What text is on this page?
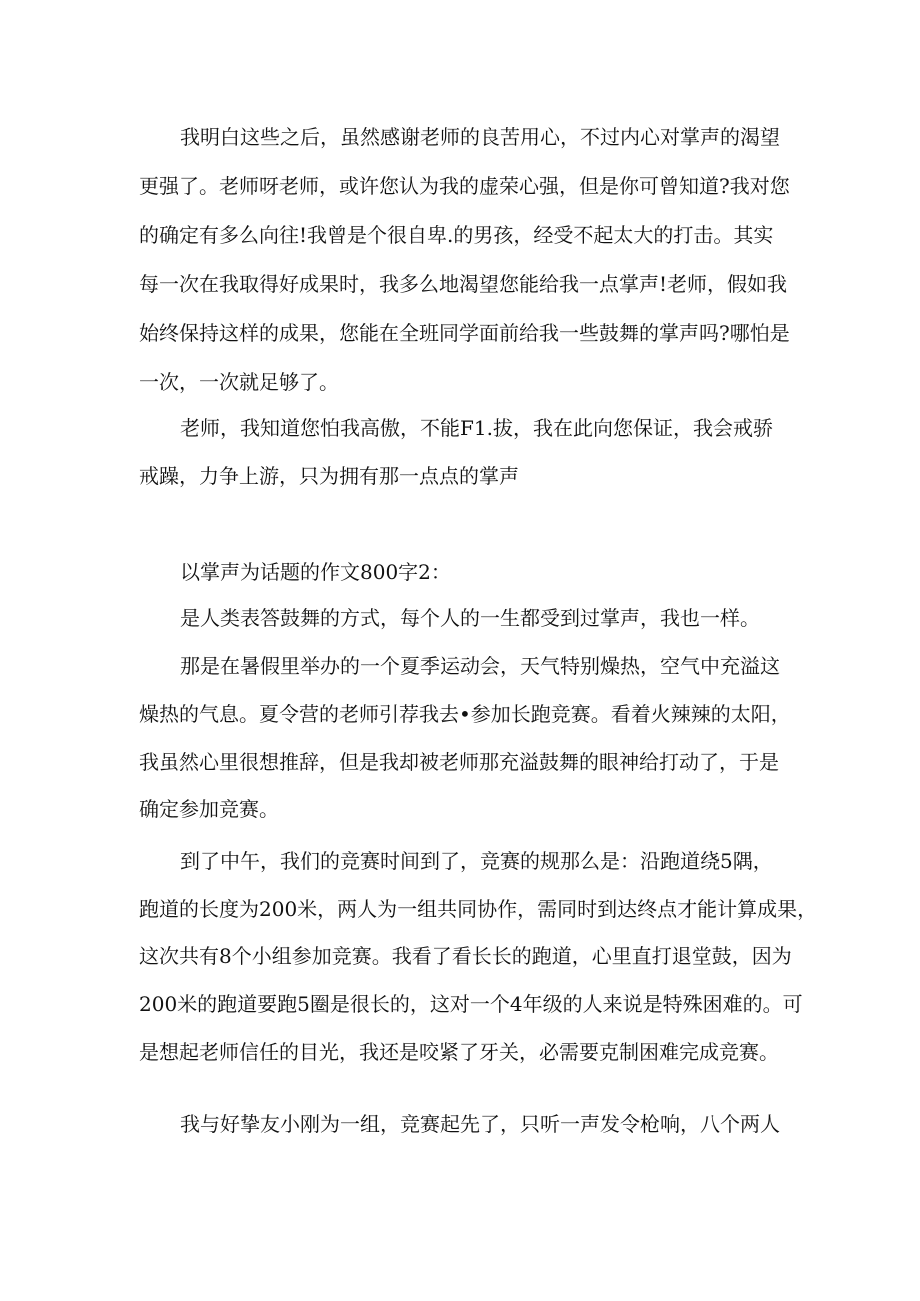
我明白这些之后，虽然感谢老师的良苦用心，不过内心对掌声的渴望
更强了。老师呀老师，或许您认为我的虚荣心强，但是你可曾知道?我对您
的确定有多么向往!我曾是个很自卑.的男孩，经受不起太大的打击。其实
每一次在我取得好成果时，我多么地渴望您能给我一点掌声!老师，假如我
始终保持这样的成果，您能在全班同学面前给我一些鼓舞的掌声吗?哪怕是
一次，一次就足够了。
老师，我知道您怕我高傲，不能F1.拔，我在此向您保证，我会戒骄
戒躁，力争上游，只为拥有那一点点的掌声
以掌声为话题的作文800字2：
是人类表答鼓舞的方式，每个人的一生都受到过掌声，我也一样。
那是在暑假里举办的一个夏季运动会，天气特别燥热，空气中充溢这
燥热的气息。夏令营的老师引荐我去•参加长跑竞赛。看着火辣辣的太阳，
我虽然心里很想推辞，但是我却被老师那充溢鼓舞的眼神给打动了，于是
确定参加竞赛。
到了中午，我们的竞赛时间到了，竞赛的规那么是：沿跑道绕5隅，
跑道的长度为200米，两人为一组共同协作，需同时到达终点才能计算成果，
这次共有8个小组参加竞赛。我看了看长长的跑道，心里直打退堂鼓，因为
200米的跑道要跑5圈是很长的，这对一个4年级的人来说是特殊困难的。可
是想起老师信任的目光，我还是咬紧了牙关，必需要克制困难完成竞赛。
我与好挚友小刚为一组，竞赛起先了，只听一声发令枪响，八个两人
